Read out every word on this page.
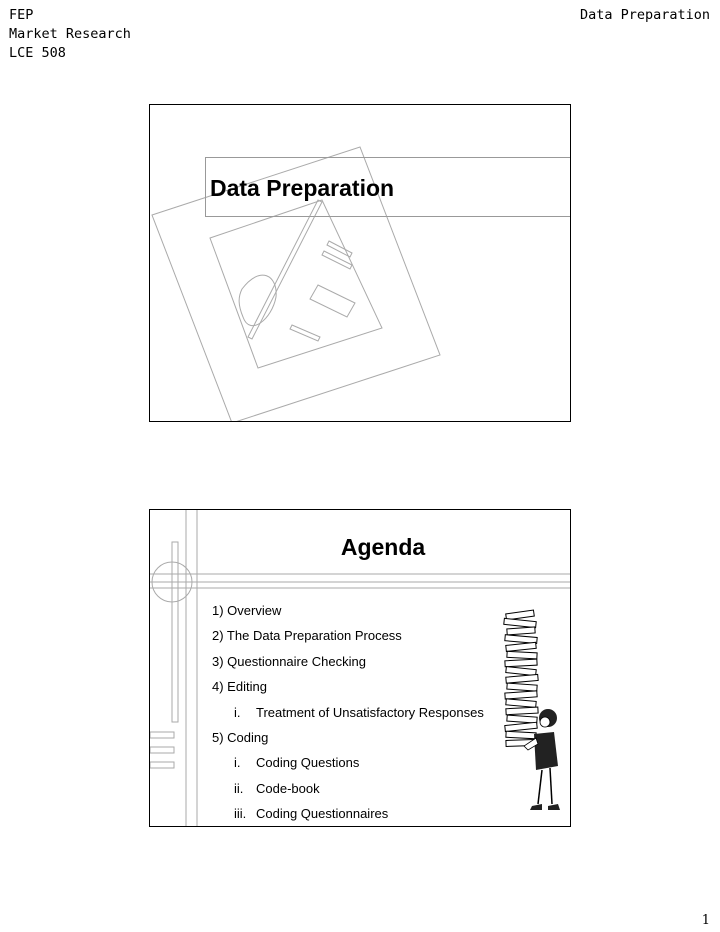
FEP
Market Research
LCE 508
Data Preparation
Data Preparation
Agenda
1) Overview
2) The Data Preparation Process
3) Questionnaire Checking
4) Editing
i. Treatment of Unsatisfactory Responses
5) Coding
i. Coding Questions
ii. Code-book
iii. Coding Questionnaires
1
